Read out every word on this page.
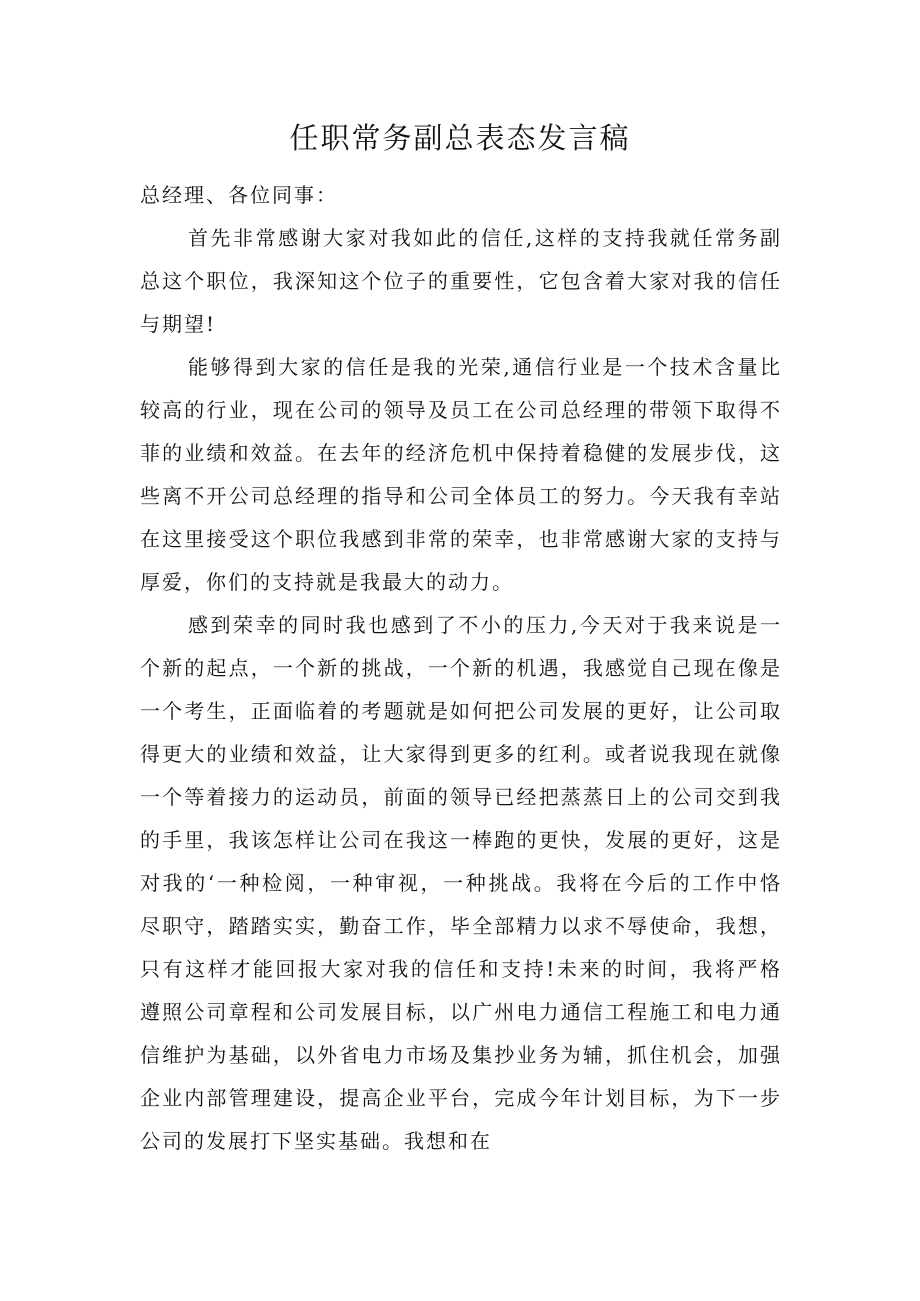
任职常务副总表态发言稿

总经理、各位同事：

首先非常感谢大家对我如此的信任,这样的支持我就任常务副总这个职位，我深知这个位子的重要性，它包含着大家对我的信任与期望!

能够得到大家的信任是我的光荣,通信行业是一个技术含量比较高的行业，现在公司的领导及员工在公司总经理的带领下取得不菲的业绩和效益。在去年的经济危机中保持着稳健的发展步伐，这些离不开公司总经理的指导和公司全体员工的努力。今天我有幸站在这里接受这个职位我感到非常的荣幸，也非常感谢大家的支持与厚爱，你们的支持就是我最大的动力。

感到荣幸的同时我也感到了不小的压力,今天对于我来说是一个新的起点，一个新的挑战，一个新的机遇，我感觉自己现在像是一个考生，正面临着的考题就是如何把公司发展的更好，让公司取得更大的业绩和效益，让大家得到更多的红利。或者说我现在就像一个等着接力的运动员，前面的领导已经把蒸蒸日上的公司交到我的手里，我该怎样让公司在我这一棒跑的更快，发展的更好，这是对我的‘一种检阅，一种审视，一种挑战。我将在今后的工作中恪尽职守，踏踏实实，勤奋工作，毕全部精力以求不辱使命，我想，只有这样才能回报大家对我的信任和支持!未来的时间，我将严格遵照公司章程和公司发展目标，以广州电力通信工程施工和电力通信维护为基础，以外省电力市场及集抄业务为辅，抓住机会，加强企业内部管理建设，提高企业平台，完成今年计划目标，为下一步公司的发展打下坚实基础。我想和在
